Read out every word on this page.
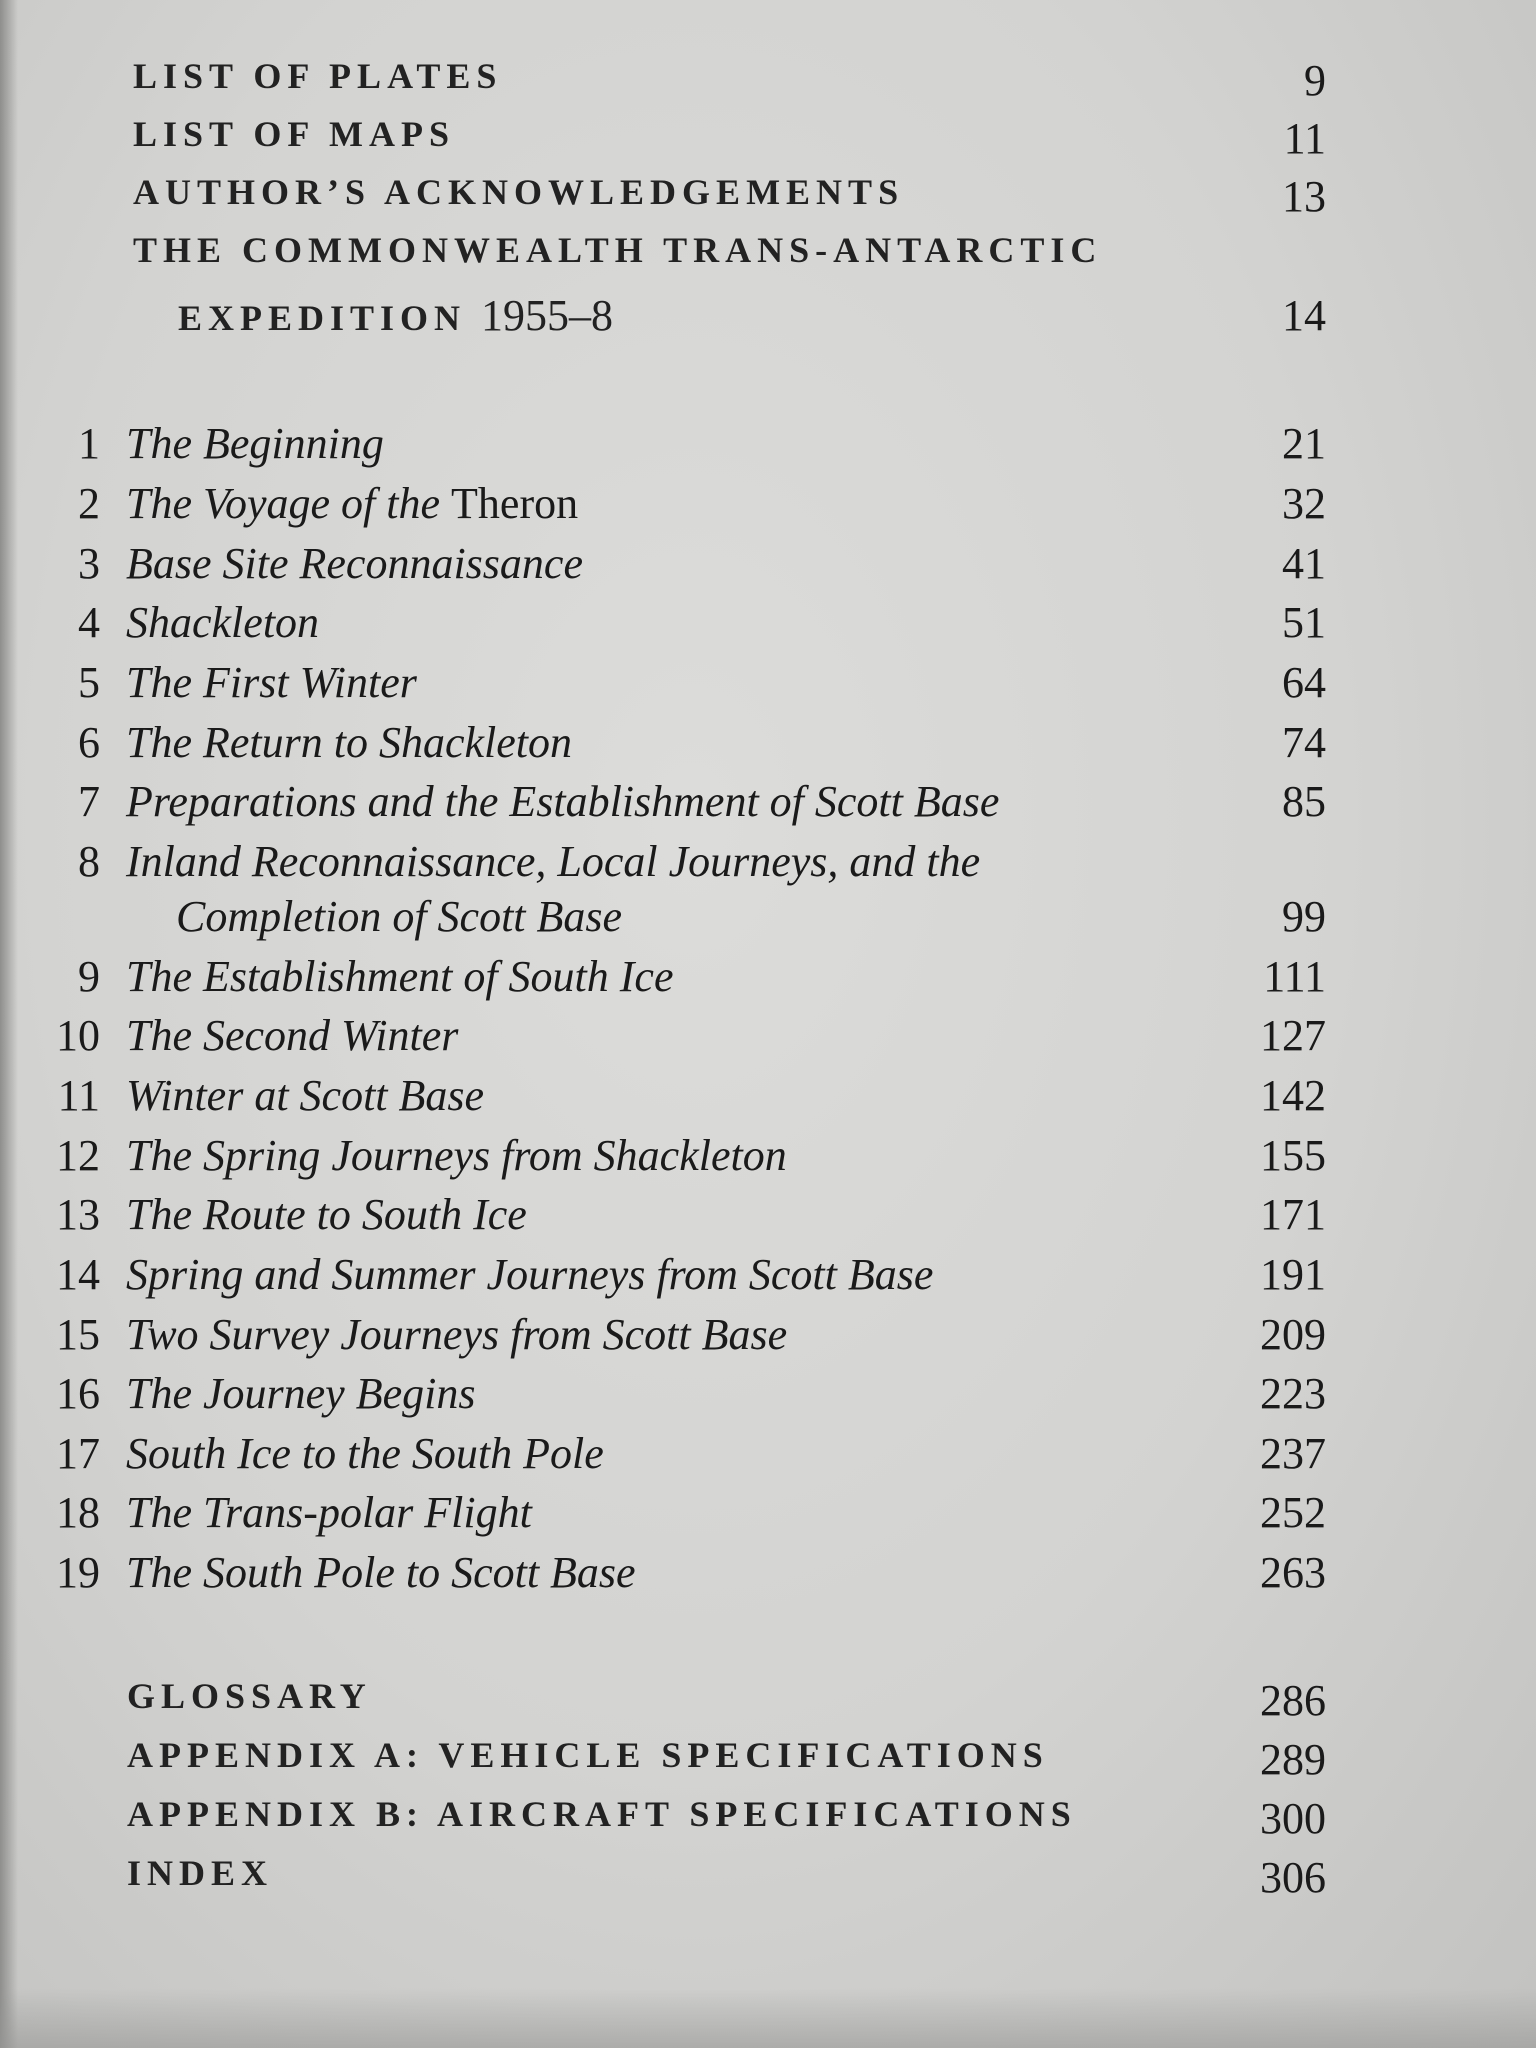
LIST OF PLATES	9
LIST OF MAPS	11
AUTHOR’S ACKNOWLEDGEMENTS	13
THE COMMONWEALTH TRANS-ANTARCTIC
EXPEDITION 1955–8	14
1 The Beginning	21
2 The Voyage of the Theron	32
3 Base Site Reconnaissance	41
4 Shackleton	51
5 The First Winter	64
6 The Return to Shackleton	74
7 Preparations and the Establishment of Scott Base	85
8 Inland Reconnaissance, Local Journeys, and the
Completion of Scott Base	99
9 The Establishment of South Ice	111
10 The Second Winter	127
11 Winter at Scott Base	142
12 The Spring Journeys from Shackleton	155
13 The Route to South Ice	171
14 Spring and Summer Journeys from Scott Base	191
15 Two Survey Journeys from Scott Base	209
16 The Journey Begins	223
17 South Ice to the South Pole	237
18 The Trans-polar Flight	252
19 The South Pole to Scott Base	263
GLOSSARY	286
APPENDIX A: VEHICLE SPECIFICATIONS	289
APPENDIX B: AIRCRAFT SPECIFICATIONS	300
INDEX	306
